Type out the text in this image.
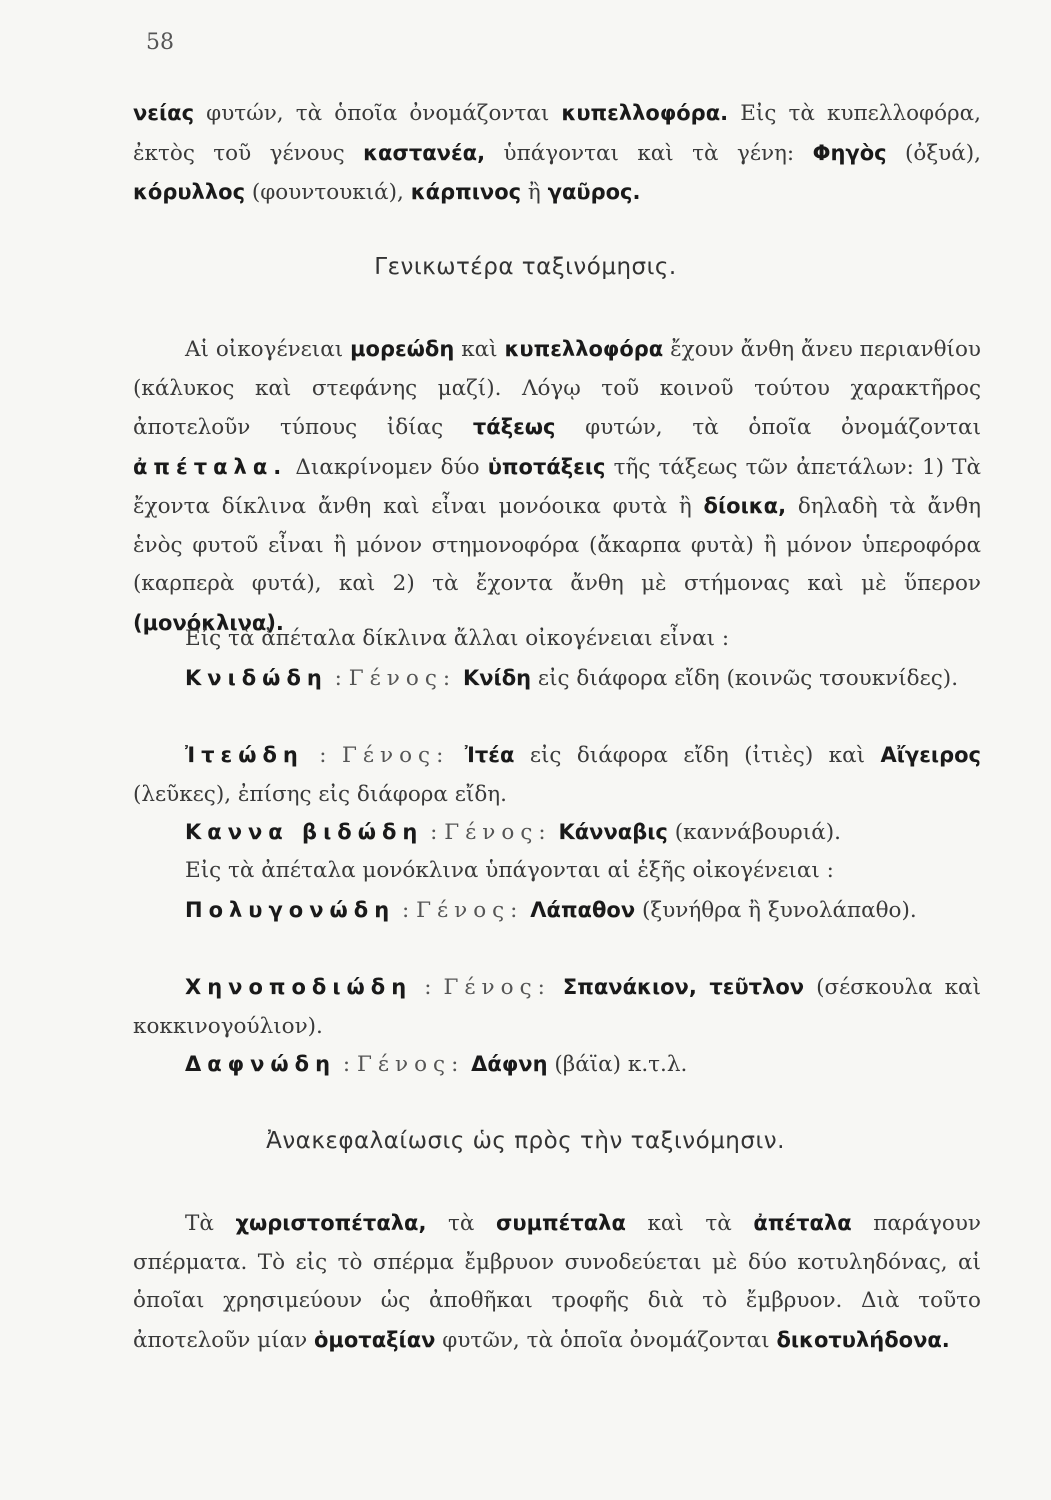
58

νείας φυτών, τὰ ὁποῖα ὀνομάζονται κυπελλοφόρα. Εἰς τὰ κυπελλοφόρα, ἐκτὸς τοῦ γένους καστανέα, ὑπάγονται καὶ τὰ γένη: Φηγὸς (ὀξυά), κόρυλλος (φουντουκιά), κάρπινος ἢ γαῦρος.

Γενικωτέρα ταξινόμησις.

Αἱ οἰκογένειαι μορεώδη καὶ κυπελλοφόρα ἔχουν ἄνθη ἄνευ περιανθίου (κάλυκος καὶ στεφάνης μαζί). Λόγῳ τοῦ κοινοῦ τούτου χαρακτῆρος ἀποτελοῦν τύπους ἰδίας τάξεως φυτών, τὰ ὁποῖα ὀνομάζονται ἀπέταλα. Διακρίνομεν δύο ὑποτάξεις τῆς τάξεως τῶν ἀπετάλων: 1) Τὰ ἔχοντα δίκλινα ἄνθη καὶ εἶναι μονόοικα φυτὰ ἢ δίοικα, δηλαδὴ τὰ ἄνθη ἑνὸς φυτοῦ εἶναι ἢ μόνον στημονοφόρα (ἄκαρπα φυτὰ) ἢ μόνον ὑπεροφόρα (καρπερὰ φυτά), καὶ 2) τὰ ἔχοντα ἄνθη μὲ στήμονας καὶ μὲ ὕπερον (μονόκλινα).

Εἰς τὰ ἀπέταλα δίκλινα ἄλλαι οἰκογένειαι εἶναι :

Κνιδώδη : Γένος: Κνίδη εἰς διάφορα εἴδη (κοινῶς τσουκνίδες).

Ἰτεώδη : Γένος: Ἰτέα εἰς διάφορα εἴδη (ἰτιὲς) καὶ Αἴγειρος (λεῦκες), ἐπίσης εἰς διάφορα εἴδη.

Καννα βιδώδη : Γένος: Κάνναβις (καννάβουριά).

Εἰς τὰ ἀπέταλα μονόκλινα ὑπάγονται αἱ ἑξῆς οἰκογένειαι :

Πολυγονώδη : Γένος: Λάπαθον (ξυνήθρα ἢ ξυνολάπαθο).

Χηνοποδιώδη : Γένος: Σπανάκιον, τεῦτλον (σέσκουλα καὶ κοκκινογούλιον).

Δαφνώδη : Γένος: Δάφνη (βάϊα) κ.τ.λ.

Ἀνακεφαλαίωσις ὡς πρὸς τὴν ταξινόμησιν.

Τὰ χωριστοπέταλα, τὰ συμπέταλα καὶ τὰ ἀπέταλα παράγουν σπέρματα. Τὸ εἰς τὸ σπέρμα ἔμβρυον συνοδεύεται μὲ δύο κοτυληδόνας, αἱ ὁποῖαι χρησιμεύουν ὡς ἀποθῆκαι τροφῆς διὰ τὸ ἔμβρυον. Διὰ τοῦτο ἀποτελοῦν μίαν ὁμοταξίαν φυτῶν, τὰ ὁποῖα ὀνομάζονται δικοτυλήδονα.
